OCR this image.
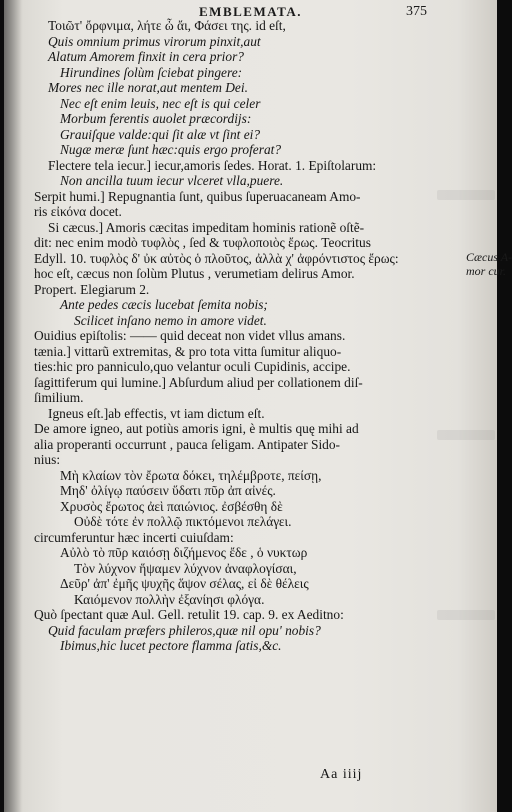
EMBLEMATA.	375
Τοιῶτ' ὄρφνιμα, λήτε ὦ ἄι, Φάσει της. id eſt,
Quis omnium primus virorum pinxit,aut
Alatum Amorem finxit in cera prior?
Hirundines ſolùm ſciebat pingere:
Mores nec ille norat,aut mentem Dei.
Nec eſt enim leuis, nec eſt is qui celer
Morbum ferentis auolet præcordijs:
Grauiſque valde:qui ſit alæ vt ſint ei?
Nugæ meræ ſunt hæc:quis ergo proferat?
Flectere tela iecur.] iecur,amoris ſedes. Horat. 1. Epiſtolarum:
Non ancilla tuum iecur vlceret vlla,puere.
Serpit humi.] Repugnantia ſunt, quibus ſuperuacaneam Amo-
ris εἰκόνα docet.
Si cæcus.] Amoris cæcitas impeditam hominis rationẽ oſtẽ-
dit: nec enim modò τυφλὸς , ſed & τυφλοποιὸς ἔρως. Teocritus
Edyll. 10. τυφλὸς δ' ὐκ αὐτὸς ὁ πλοῦτος, ἀλλὰ χ' ἀφρόντιστος ἔρως:
hoc eſt, cæcus non ſolùm Plutus , verumetiam delirus Amor.
Propert. Elegiarum 2.
Ante pedes cæcis lucebat ſemita nobis;
Scilicet inſano nemo in amore videt.
Ouidius epiſtolis: —— quid deceat non videt vllus amans.
tænia.] vittarũ extremitas, & pro tota vitta ſumitur aliquo-
ties:hic pro panniculo,quo velantur oculi Cupidinis, accipe.
ſagittiferum qui lumine.] Abſurdum aliud per collationem diſ-
ſimilium.
Igneus eſt.]ab effectis, vt iam dictum eſt.
De amore igneo, aut potiùs amoris igni, è multis quę mihi ad
alia properanti occurrunt , pauca ſeligam. Antipater Sido-
nius:
Μὴ κλαίων τὸν ἔρωτα δόκει, τηλέμβροτε, πείσῃ,
Μηδ' ὀλίγῳ παύσειν ὕδατι πῦρ ἀπ αἰνές.
Χρυσὸς ἔρωτος ἀεὶ παιώνιος. ἐσβέσθη δὲ
Οὐδὲ τότε ἐν πολλῷ πικτόμενοι πελάγει.
circumferuntur hæc incerti cuiuſdam:
Αὐλὸ τὸ πῦρ καιόσῃ διζήμενος ἔδε , ὁ νυκτωρ
Τὸν λύχνον ἥψαμεν λύχνον ἀναφλογίσαι,
Δεῦρ' ἀπ' ἐμῆς ψυχῆς ἅψον σέλας, εἰ δὲ θέλεις
Καιόμενον πολλὴν ἐξανίησι φλόγα.
Quò ſpectant quæ Aul. Gell. retulit 19. cap. 9. ex Aeditno:
Quid faculam præfers phileros,quæ nil opu' nobis?
Ibimus,hic lucet pectore flamma ſatis,&c.
Cæcus A-
mor cur.
Aa iiij
